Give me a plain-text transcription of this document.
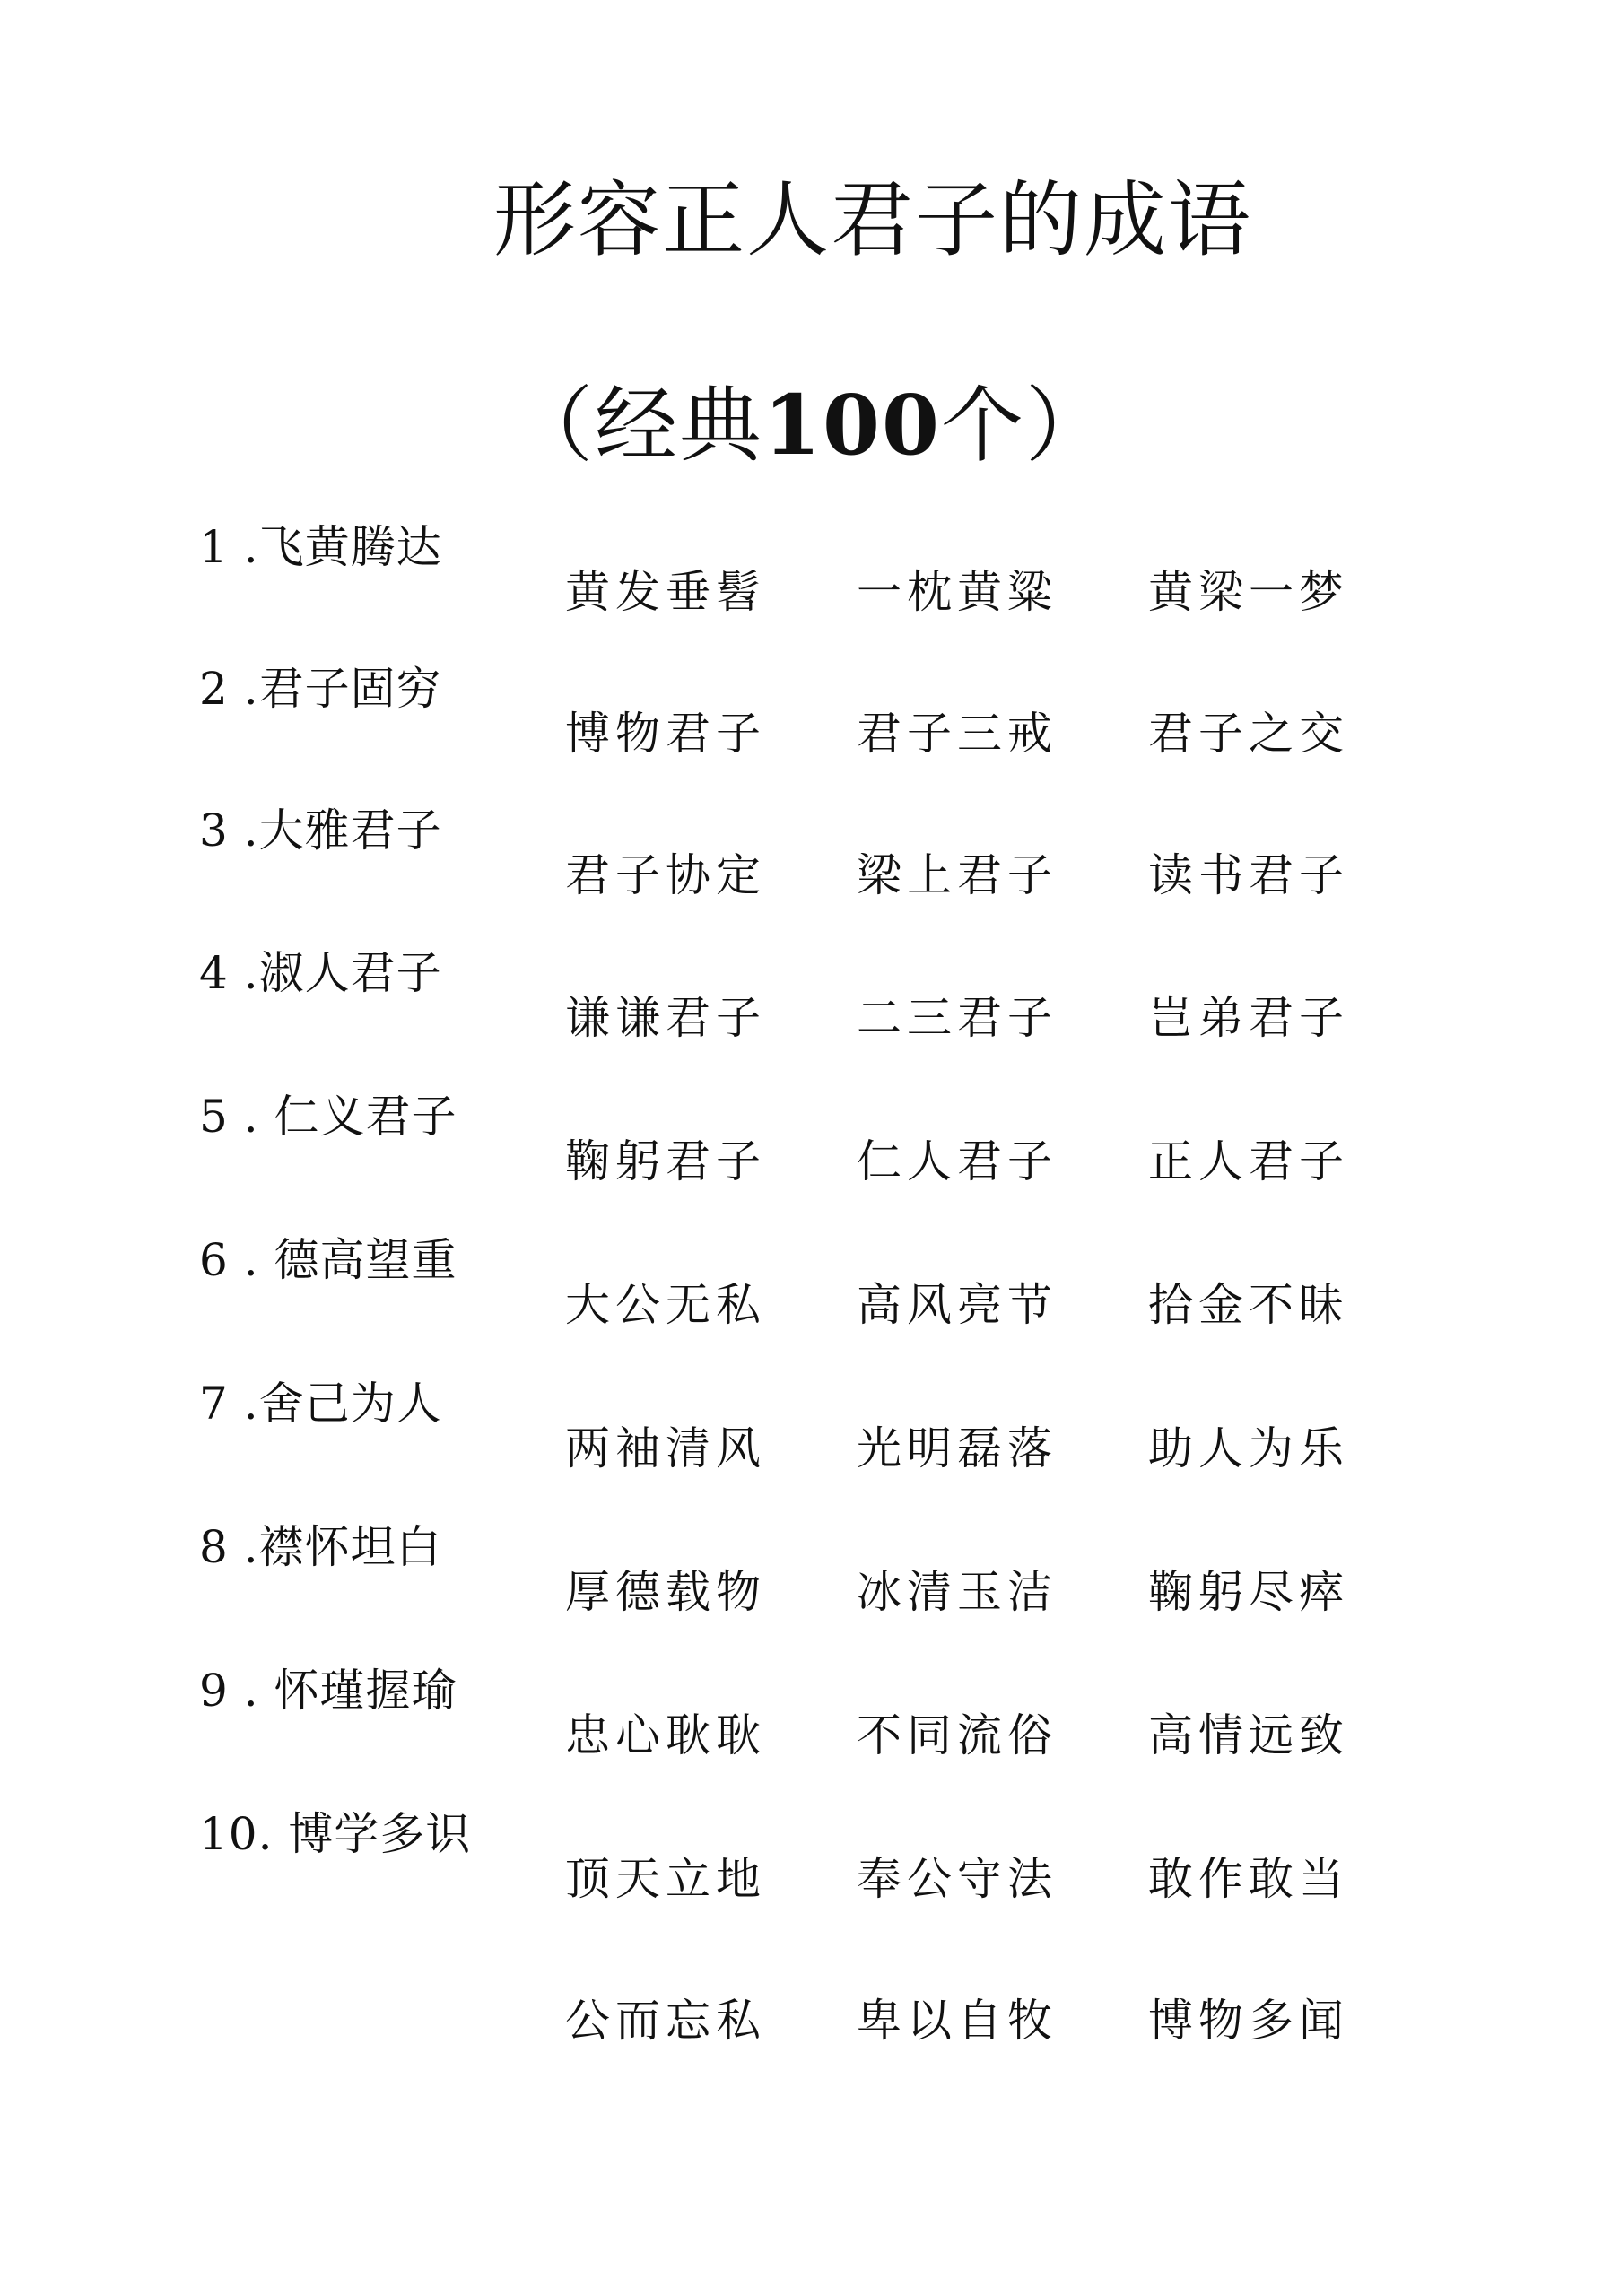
形容正人君子的成语
（经典100个）
1 .飞黄腾达
黄发垂髫 一枕黄粱 黄梁一梦
2 .君子固穷
博物君子 君子三戒 君子之交
3 .大雅君子
君子协定 梁上君子 读书君子
4 .淑人君子
谦谦君子 二三君子 岂弟君子
5 . 仁义君子
鞠躬君子 仁人君子 正人君子
6 . 德高望重
大公无私 高风亮节 拾金不昧
7 .舍己为人
两袖清风 光明磊落 助人为乐
8 .襟怀坦白
厚德载物 冰清玉洁 鞠躬尽瘁
9 . 怀瑾握瑜
忠心耿耿 不同流俗 高情远致
10. 博学多识
顶天立地 奉公守法 敢作敢当
公而忘私 卑以自牧 博物多闻
